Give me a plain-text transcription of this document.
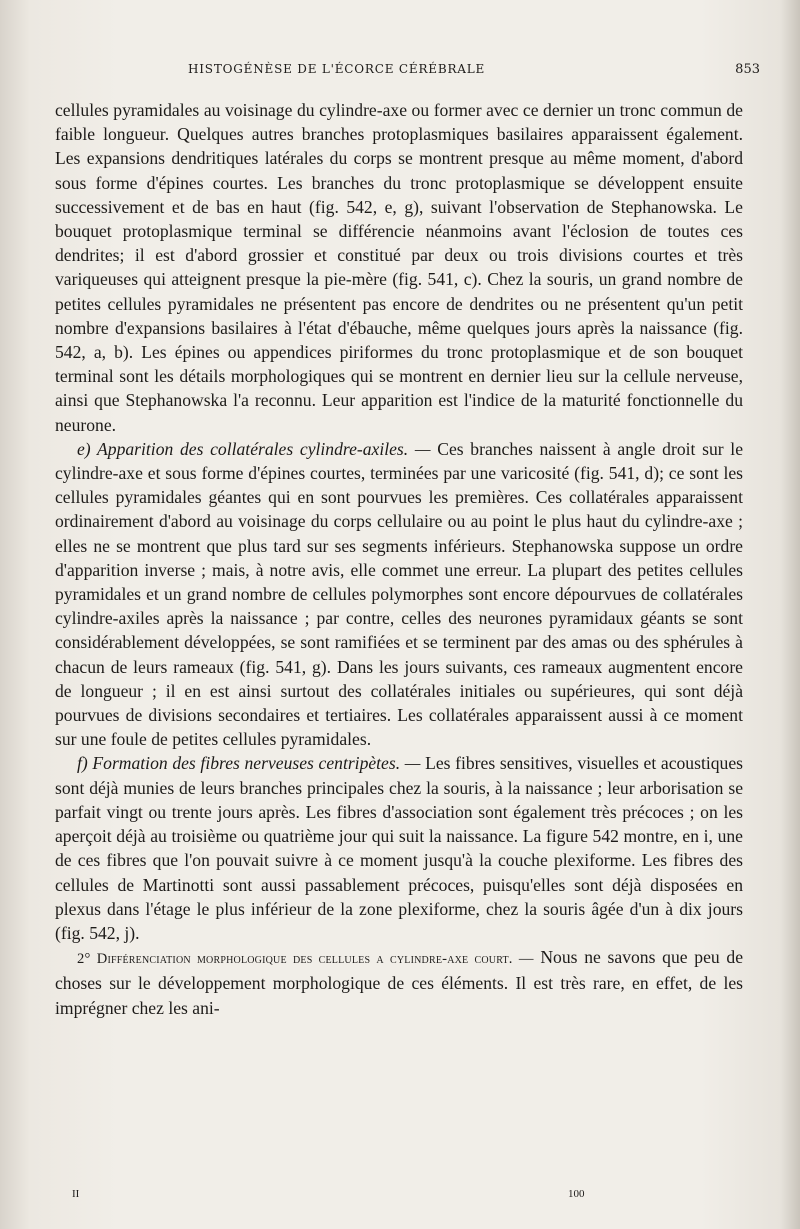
HISTOGÉNÈSE DE L'ÉCORCE CÉRÉBRALE	853

cellules pyramidales au voisinage du cylindre-axe ou former avec ce dernier un tronc commun de faible longueur. Quelques autres branches protoplasmiques basilaires apparaissent également. Les expansions dendritiques latérales du corps se montrent presque au même moment, d'abord sous forme d'épines courtes. Les branches du tronc protoplasmique se développent ensuite successivement et de bas en haut (fig. 542, e, g), suivant l'observation de Stephanowska. Le bouquet protoplasmique terminal se différencie néanmoins avant l'éclosion de toutes ces dendrites; il est d'abord grossier et constitué par deux ou trois divisions courtes et très variqueuses qui atteignent presque la pie-mère (fig. 541, c). Chez la souris, un grand nombre de petites cellules pyramidales ne présentent pas encore de dendrites ou ne présentent qu'un petit nombre d'expansions basilaires à l'état d'ébauche, même quelques jours après la naissance (fig. 542, a, b). Les épines ou appendices piriformes du tronc protoplasmique et de son bouquet terminal sont les détails morphologiques qui se montrent en dernier lieu sur la cellule nerveuse, ainsi que Stephanowska l'a reconnu. Leur apparition est l'indice de la maturité fonctionnelle du neurone.

e) Apparition des collatérales cylindre-axiles. — Ces branches naissent à angle droit sur le cylindre-axe et sous forme d'épines courtes, terminées par une varicosité (fig. 541, d); ce sont les cellules pyramidales géantes qui en sont pourvues les premières. Ces collatérales apparaissent ordinairement d'abord au voisinage du corps cellulaire ou au point le plus haut du cylindre-axe ; elles ne se montrent que plus tard sur ses segments inférieurs. Stephanowska suppose un ordre d'apparition inverse ; mais, à notre avis, elle commet une erreur. La plupart des petites cellules pyramidales et un grand nombre de cellules polymorphes sont encore dépourvues de collatérales cylindre-axiles après la naissance ; par contre, celles des neurones pyramidaux géants se sont considérablement développées, se sont ramifiées et se terminent par des amas ou des sphérules à chacun de leurs rameaux (fig. 541, g). Dans les jours suivants, ces rameaux augmentent encore de longueur ; il en est ainsi surtout des collatérales initiales ou supérieures, qui sont déjà pourvues de divisions secondaires et tertiaires. Les collatérales apparaissent aussi à ce moment sur une foule de petites cellules pyramidales.

f) Formation des fibres nerveuses centripètes. — Les fibres sensitives, visuelles et acoustiques sont déjà munies de leurs branches principales chez la souris, à la naissance ; leur arborisation se parfait vingt ou trente jours après. Les fibres d'association sont également très précoces ; on les aperçoit déjà au troisième ou quatrième jour qui suit la naissance. La figure 542 montre, en i, une de ces fibres que l'on pouvait suivre à ce moment jusqu'à la couche plexiforme. Les fibres des cellules de Martinotti sont aussi passablement précoces, puisqu'elles sont déjà disposées en plexus dans l'étage le plus inférieur de la zone plexiforme, chez la souris âgée d'un à dix jours (fig. 542, j).

2° Différenciation morphologique des cellules a cylindre-axe court. — Nous ne savons que peu de choses sur le développement morphologique de ces éléments. Il est très rare, en effet, de les imprégner chez les ani-

II	100
